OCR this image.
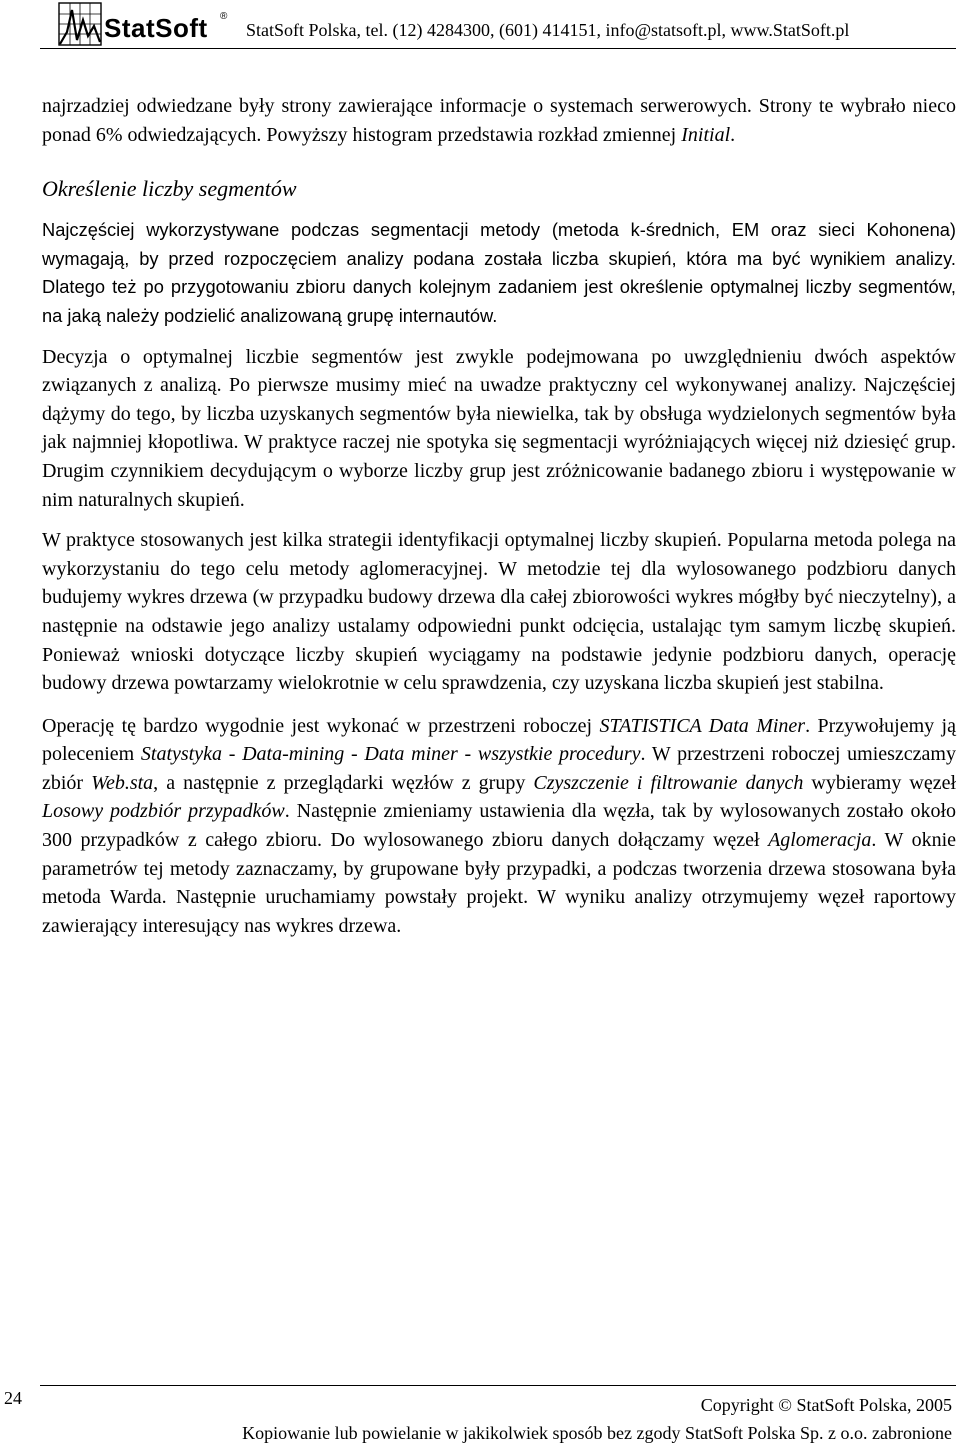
StatSoft ®
StatSoft Polska, tel. (12) 4284300, (601) 414151, info@statsoft.pl, www.StatSoft.pl

najrzadziej odwiedzane były strony zawierające informacje o systemach serwerowych. Strony te wybrało nieco ponad 6% odwiedzających. Powyższy histogram przedstawia rozkład zmiennej Initial.

Określenie liczby segmentów

Najczęściej wykorzystywane podczas segmentacji metody (metoda k-średnich, EM oraz sieci Kohonena) wymagają, by przed rozpoczęciem analizy podana została liczba skupień, która ma być wynikiem analizy. Dlatego też po przygotowaniu zbioru danych kolejnym zadaniem jest określenie optymalnej liczby segmentów, na jaką należy podzielić analizowaną grupę internautów.

Decyzja o optymalnej liczbie segmentów jest zwykle podejmowana po uwzględnieniu dwóch aspektów związanych z analizą. Po pierwsze musimy mieć na uwadze praktyczny cel wykonywanej analizy. Najczęściej dążymy do tego, by liczba uzyskanych segmentów była niewielka, tak by obsługa wydzielonych segmentów była jak najmniej kłopotliwa. W praktyce raczej nie spotyka się segmentacji wyróżniających więcej niż dziesięć grup. Drugim czynnikiem decydującym o wyborze liczby grup jest zróżnicowanie badanego zbioru i występowanie w nim naturalnych skupień.

W praktyce stosowanych jest kilka strategii identyfikacji optymalnej liczby skupień. Popularna metoda polega na wykorzystaniu do tego celu metody aglomeracyjnej. W metodzie tej dla wylosowanego podzbioru danych budujemy wykres drzewa (w przypadku budowy drzewa dla całej zbiorowości wykres mógłby być nieczytelny), a następnie na odstawie jego analizy ustalamy odpowiedni punkt odcięcia, ustalając tym samym liczbę skupień. Ponieważ wnioski dotyczące liczby skupień wyciągamy na podstawie jedynie podzbioru danych, operację budowy drzewa powtarzamy wielokrotnie w celu sprawdzenia, czy uzyskana liczba skupień jest stabilna.

Operację tę bardzo wygodnie jest wykonać w przestrzeni roboczej STATISTICA Data Miner. Przywołujemy ją poleceniem Statystyka - Data-mining - Data miner - wszystkie procedury. W przestrzeni roboczej umieszczamy zbiór Web.sta, a następnie z przeglądarki węzłów z grupy Czyszczenie i filtrowanie danych wybieramy węzeł Losowy podzbiór przypadków. Następnie zmieniamy ustawienia dla węzła, tak by wylosowanych zostało około 300 przypadków z całego zbioru. Do wylosowanego zbioru danych dołączamy węzeł Aglomeracja. W oknie parametrów tej metody zaznaczamy, by grupowane były przypadki, a podczas tworzenia drzewa stosowana była metoda Warda. Następnie uruchamiamy powstały projekt. W wyniku analizy otrzymujemy węzeł raportowy zawierający interesujący nas wykres drzewa.

24	Copyright © StatSoft Polska, 2005
Kopiowanie lub powielanie w jakikolwiek sposób bez zgody StatSoft Polska Sp. z o.o. zabronione
